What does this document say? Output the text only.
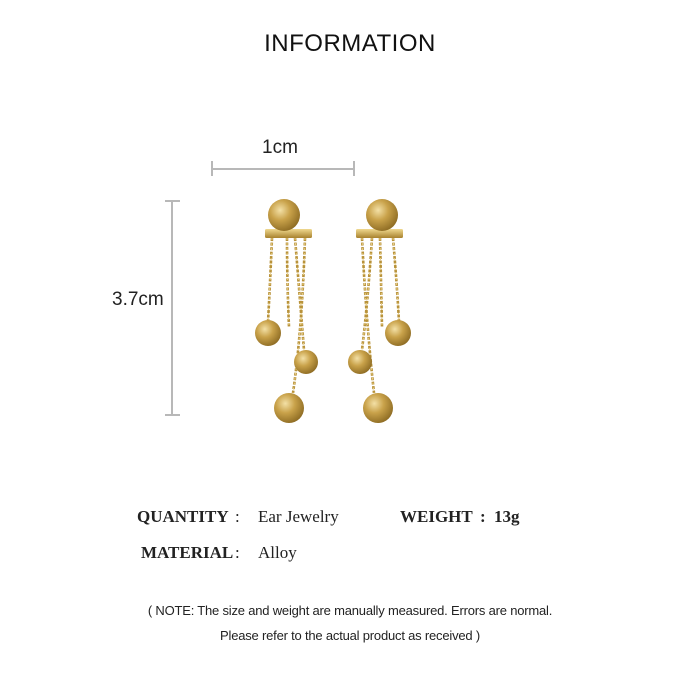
INFORMATION
1cm
3.7cm
QUANTITY : Ear Jewelry	WEIGHT : 13g
MATERIAL : Alloy
( NOTE: The size and weight are manually measured. Errors are normal.
Please refer to the actual product as received )
